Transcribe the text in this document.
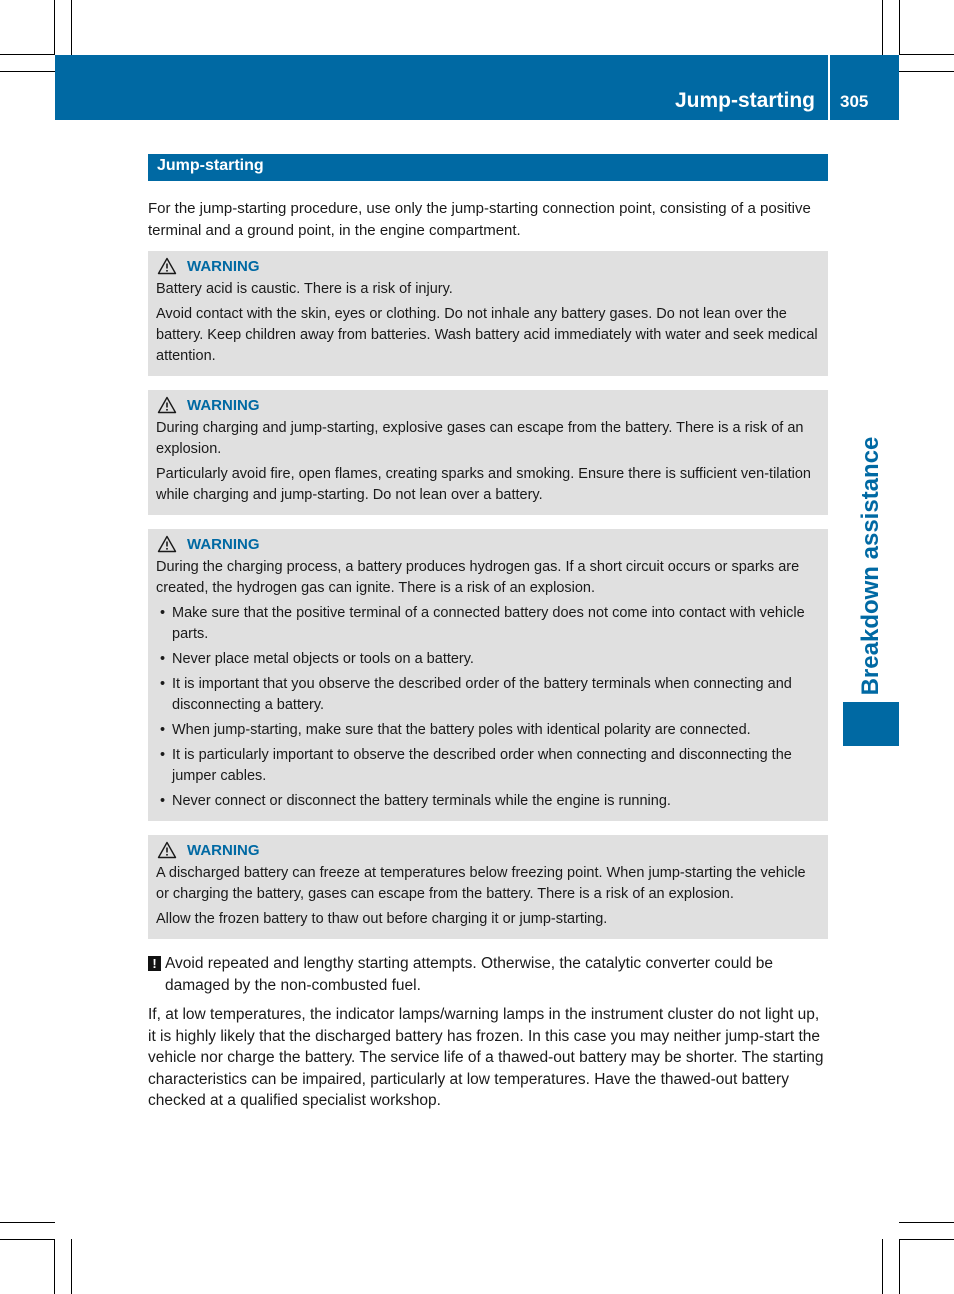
Jump-starting 305
Breakdown assistance
Jump-starting

For the jump-starting procedure, use only the jump-starting connection point, consisting of a positive terminal and a ground point, in the engine compartment.

WARNING

Battery acid is caustic. There is a risk of injury.

Avoid contact with the skin, eyes or clothing. Do not inhale any battery gases. Do not lean over the battery. Keep children away from batteries. Wash battery acid immediately with water and seek medical attention.

WARNING

During charging and jump-starting, explosive gases can escape from the battery. There is a risk of an explosion.

Particularly avoid fire, open flames, creating sparks and smoking. Ensure there is sufficient ven-tilation while charging and jump-starting. Do not lean over a battery.

WARNING

During the charging process, a battery produces hydrogen gas. If a short circuit occurs or sparks are created, the hydrogen gas can ignite. There is a risk of an explosion.

• Make sure that the positive terminal of a connected battery does not come into contact with vehicle parts.
• Never place metal objects or tools on a battery.
• It is important that you observe the described order of the battery terminals when connecting and disconnecting a battery.
• When jump-starting, make sure that the battery poles with identical polarity are connected.
• It is particularly important to observe the described order when connecting and disconnecting the jumper cables.
• Never connect or disconnect the battery terminals while the engine is running.
WARNING

A discharged battery can freeze at temperatures below freezing point. When jump-starting the vehicle or charging the battery, gases can escape from the battery. There is a risk of an explosion.

Allow the frozen battery to thaw out before charging it or jump-starting.

! Avoid repeated and lengthy starting attempts. Otherwise, the catalytic converter could be damaged by the non-combusted fuel.

If, at low temperatures, the indicator lamps/warning lamps in the instrument cluster do not light up, it is highly likely that the discharged battery has frozen. In this case you may neither jump-start the vehicle nor charge the battery. The service life of a thawed-out battery may be shorter. The starting characteristics can be impaired, particularly at low temperatures. Have the thawed-out battery checked at a qualified specialist workshop.
